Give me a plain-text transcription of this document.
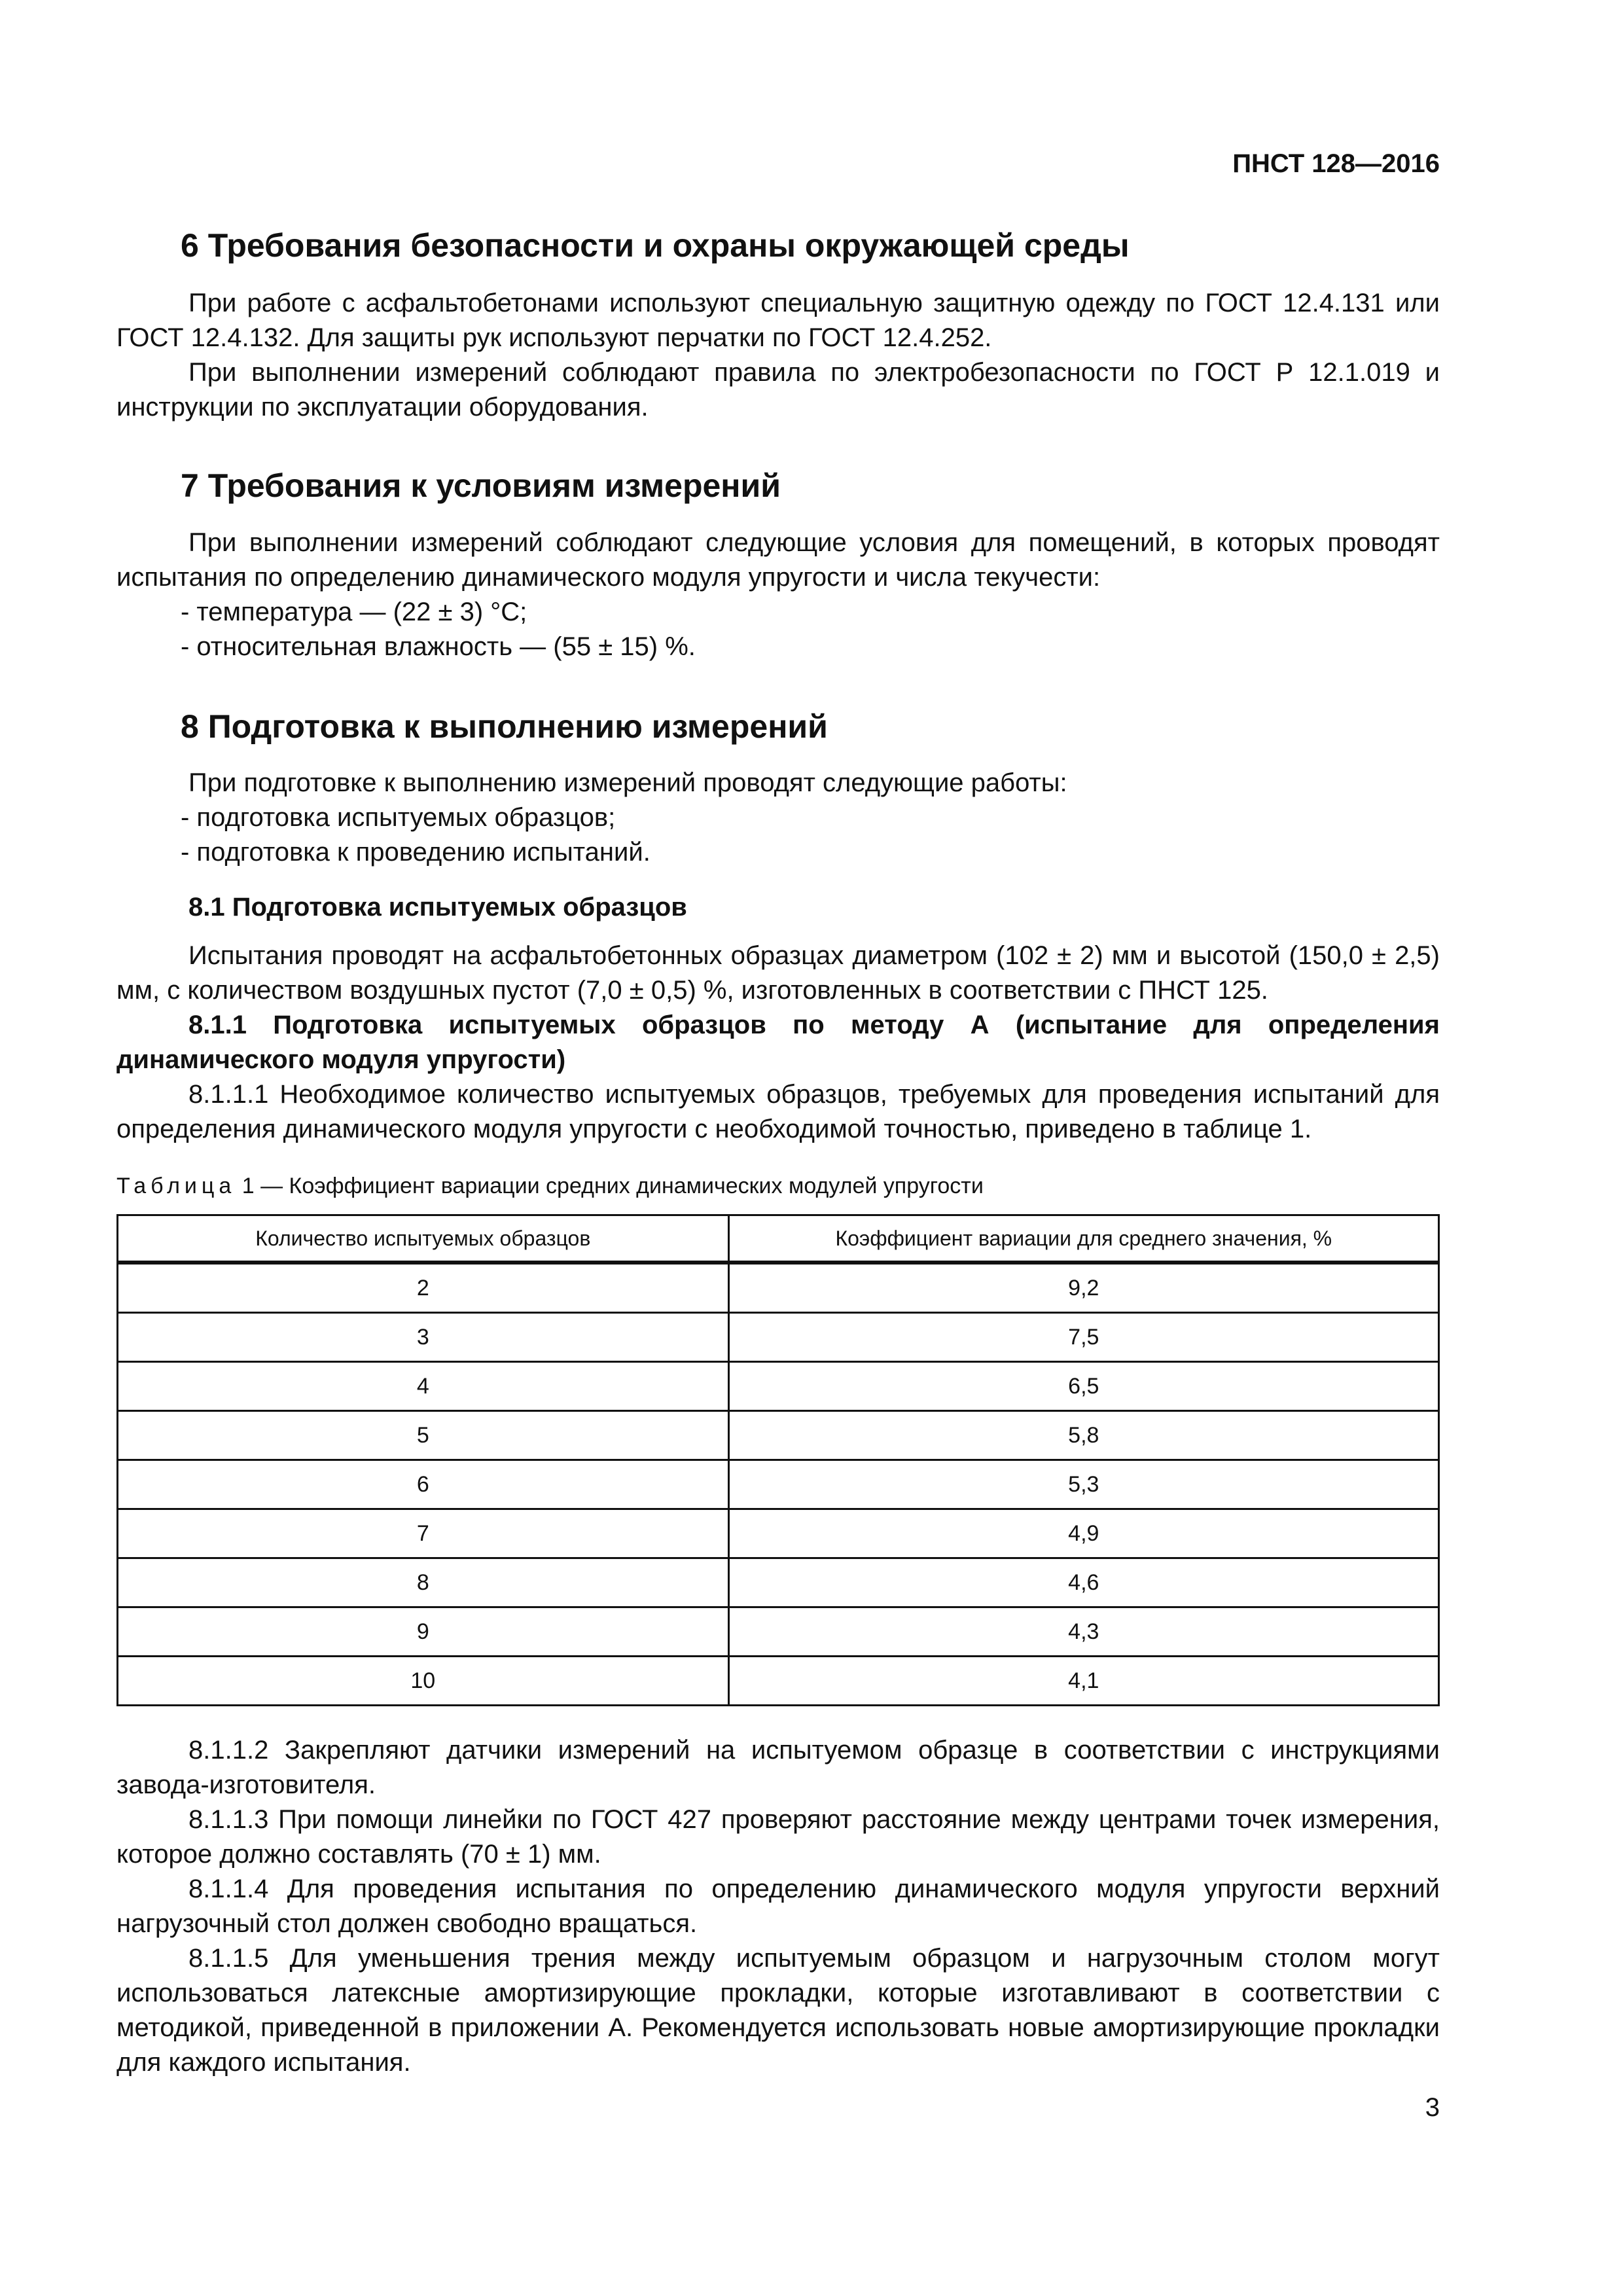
ПНСТ 128—2016
6 Требования безопасности и охраны окружающей среды

При работе с асфальтобетонами используют специальную защитную одежду по ГОСТ 12.4.131 или ГОСТ 12.4.132. Для защиты рук используют перчатки по ГОСТ 12.4.252.

При выполнении измерений соблюдают правила по электробезопасности по ГОСТ Р 12.1.019 и инструкции по эксплуатации оборудования.

7 Требования к условиям измерений

При выполнении измерений соблюдают следующие условия для помещений, в которых проводят испытания по определению динамического модуля упругости и числа текучести:

- температура — (22 ± 3) °С;

- относительная влажность — (55 ± 15) %.

8 Подготовка к выполнению измерений

При подготовке к выполнению измерений проводят следующие работы:

- подготовка испытуемых образцов;

- подготовка к проведению испытаний.

8.1 Подготовка испытуемых образцов

Испытания проводят на асфальтобетонных образцах диаметром (102 ± 2) мм и высотой (150,0 ± 2,5) мм, с количеством воздушных пустот (7,0 ± 0,5) %, изготовленных в соответствии с ПНСТ 125.

8.1.1 Подготовка испытуемых образцов по методу А (испытание для определения динамического модуля упругости)

8.1.1.1 Необходимое количество испытуемых образцов, требуемых для проведения испытаний для определения динамического модуля упругости с необходимой точностью, приведено в таблице 1.

Таблица 1 — Коэффициент вариации средних динамических модулей упругости

Количество испытуемых образцов	Коэффициент вариации для среднего значения, %
2	9,2
3	7,5
4	6,5
5	5,8
6	5,3
7	4,9
8	4,6
9	4,3
10	4,1

8.1.1.2 Закрепляют датчики измерений на испытуемом образце в соответствии с инструкциями завода-изготовителя.

8.1.1.3 При помощи линейки по ГОСТ 427 проверяют расстояние между центрами точек измерения, которое должно составлять (70 ± 1) мм.

8.1.1.4 Для проведения испытания по определению динамического модуля упругости верхний нагрузочный стол должен свободно вращаться.

8.1.1.5 Для уменьшения трения между испытуемым образцом и нагрузочным столом могут использоваться латексные амортизирующие прокладки, которые изготавливают в соответствии с методикой, приведенной в приложении А. Рекомендуется использовать новые амортизирующие прокладки для каждого испытания.

3
